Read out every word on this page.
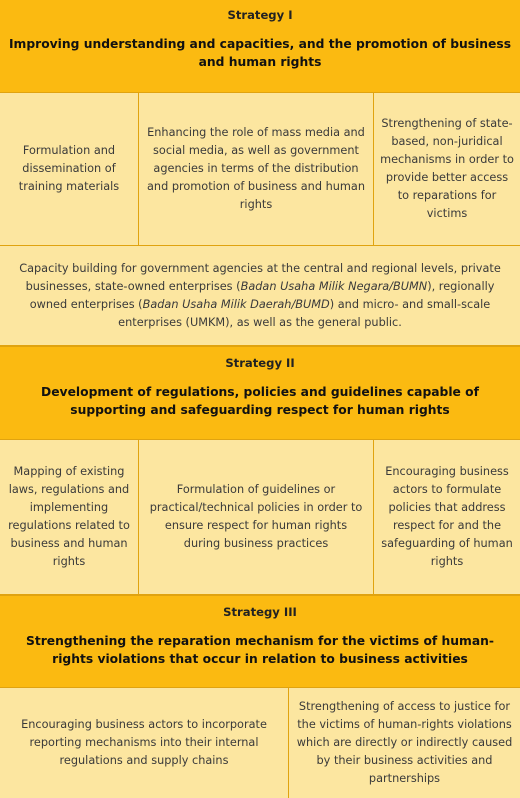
Strategy I
Improving understanding and capacities, and the promotion of business and human rights
Formulation and dissemination of training materials
Enhancing the role of mass media and social media, as well as government agencies in terms of the distribution and promotion of business and human rights
Strengthening of state-based, non-juridical mechanisms in order to provide better access to reparations for victims
Capacity building for government agencies at the central and regional levels, private businesses, state-owned enterprises (Badan Usaha Milik Negara/BUMN), regionally owned enterprises (Badan Usaha Milik Daerah/BUMD) and micro- and small-scale enterprises (UMKM), as well as the general public.
Strategy II
Development of regulations, policies and guidelines capable of supporting and safeguarding respect for human rights
Mapping of existing laws, regulations and implementing regulations related to business and human rights
Formulation of guidelines or practical/technical policies in order to ensure respect for human rights during business practices
Encouraging business actors to formulate policies that address respect for and the safeguarding of human rights
Strategy III
Strengthening the reparation mechanism for the victims of human-rights violations that occur in relation to business activities
Encouraging business actors to incorporate reporting mechanisms into their internal regulations and supply chains
Strengthening of access to justice for the victims of human-rights violations which are directly or indirectly caused by their business activities and partnerships
